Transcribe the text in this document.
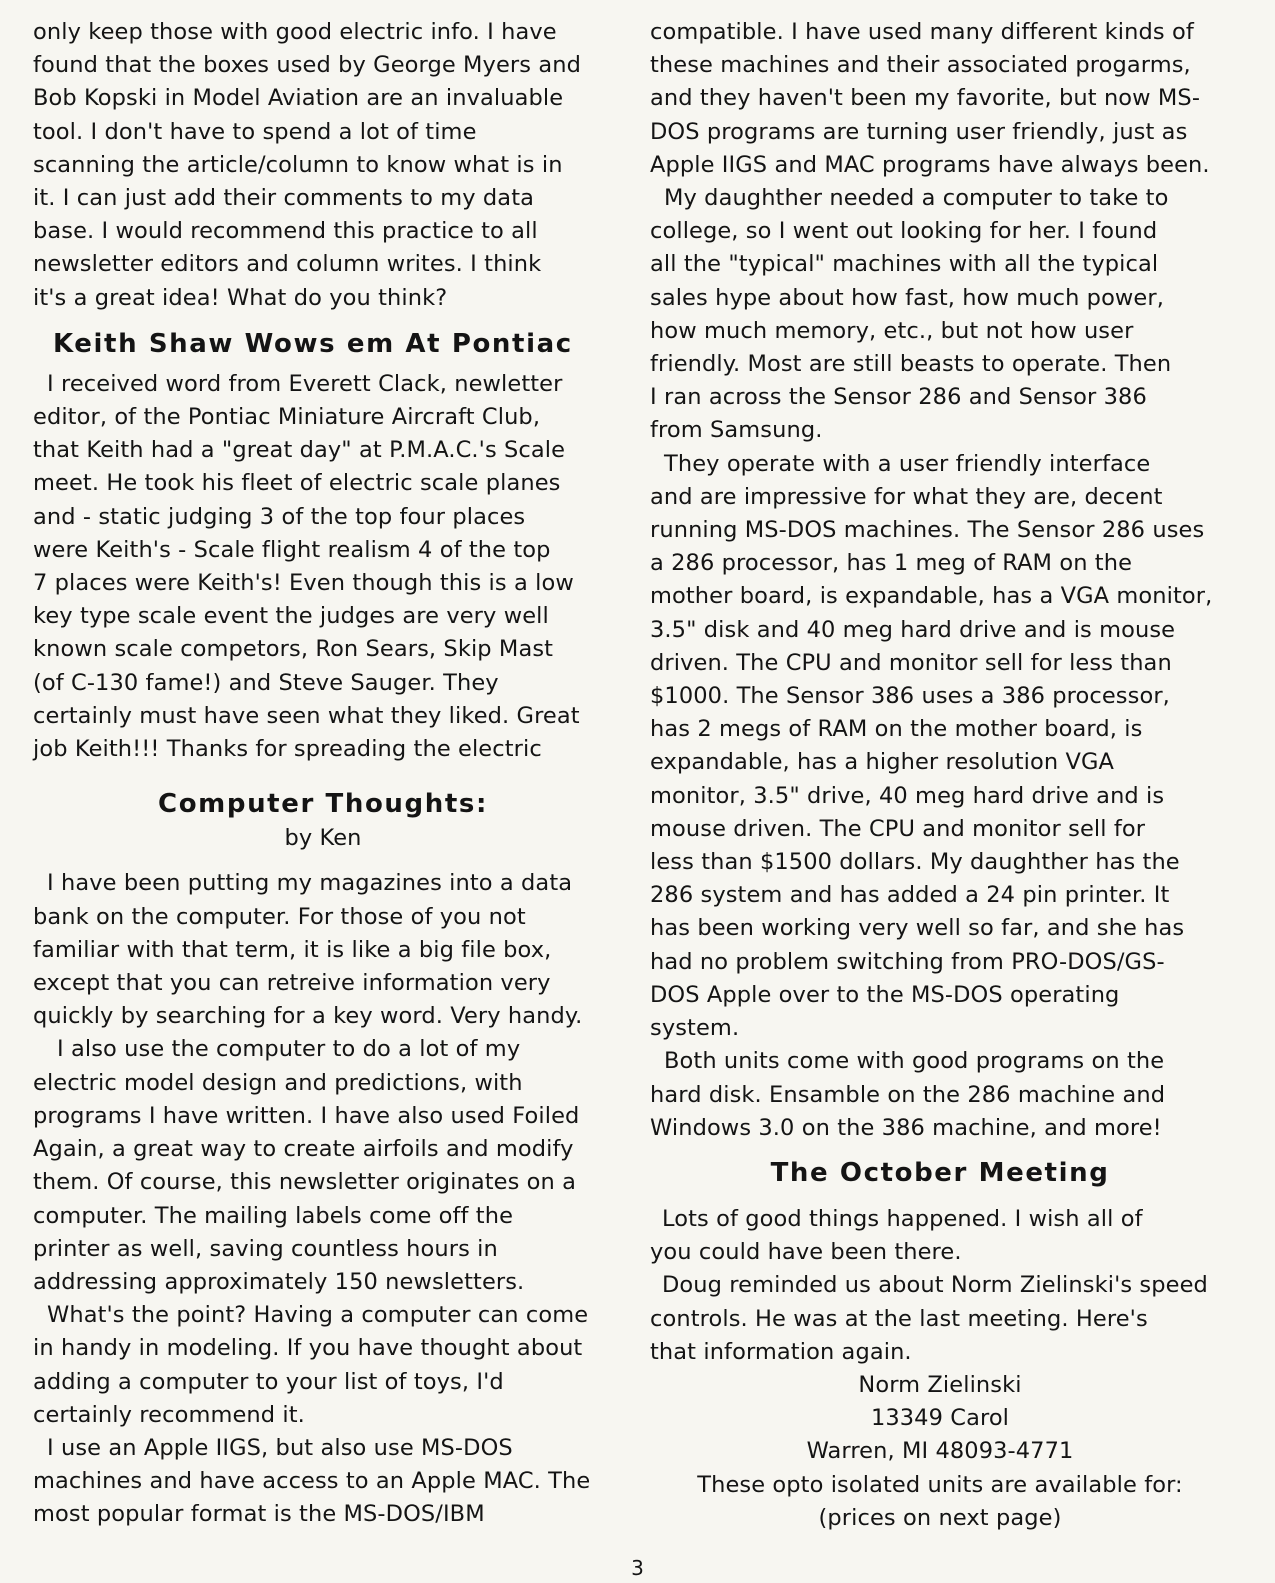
only keep those with good electric info. I have
found that the boxes used by George Myers and
Bob Kopski in Model Aviation are an invaluable
tool. I don't have to spend a lot of time
scanning the article/column to know what is in
it. I can just add their comments to my data
base. I would recommend this practice to all
newsletter editors and column writes. I think
it's a great idea! What do you think?

Keith Shaw Wows em At Pontiac

I received word from Everett Clack, newletter
editor, of the Pontiac Miniature Aircraft Club,
that Keith had a "great day" at P.M.A.C.'s Scale
meet. He took his fleet of electric scale planes
and - static judging 3 of the top four places
were Keith's - Scale flight realism 4 of the top
7 places were Keith's! Even though this is a low
key type scale event the judges are very well
known scale competors, Ron Sears, Skip Mast
(of C-130 fame!) and Steve Sauger. They
certainly must have seen what they liked. Great
job Keith!!! Thanks for spreading the electric

Computer Thoughts:
by Ken

I have been putting my magazines into a data
bank on the computer. For those of you not
familiar with that term, it is like a big file box,
except that you can retreive information very
quickly by searching for a key word. Very handy.

I also use the computer to do a lot of my
electric model design and predictions, with
programs I have written. I have also used Foiled
Again, a great way to create airfoils and modify
them. Of course, this newsletter originates on a
computer. The mailing labels come off the
printer as well, saving countless hours in
addressing approximately 150 newsletters.

What's the point? Having a computer can come
in handy in modeling. If you have thought about
adding a computer to your list of toys, I'd
certainly recommend it.

I use an Apple IIGS, but also use MS-DOS
machines and have access to an Apple MAC. The
most popular format is the MS-DOS/IBM

compatible. I have used many different kinds of
these machines and their associated progarms,
and they haven't been my favorite, but now MS-
DOS programs are turning user friendly, just as
Apple IIGS and MAC programs have always been.

My daughther needed a computer to take to
college, so I went out looking for her. I found
all the "typical" machines with all the typical
sales hype about how fast, how much power,
how much memory, etc., but not how user
friendly. Most are still beasts to operate. Then
I ran across the Sensor 286 and Sensor 386
from Samsung.

They operate with a user friendly interface
and are impressive for what they are, decent
running MS-DOS machines. The Sensor 286 uses
a 286 processor, has 1 meg of RAM on the
mother board, is expandable, has a VGA monitor,
3.5" disk and 40 meg hard drive and is mouse
driven. The CPU and monitor sell for less than
$1000. The Sensor 386 uses a 386 processor,
has 2 megs of RAM on the mother board, is
expandable, has a higher resolution VGA
monitor, 3.5" drive, 40 meg hard drive and is
mouse driven. The CPU and monitor sell for
less than $1500 dollars. My daughther has the
286 system and has added a 24 pin printer. It
has been working very well so far, and she has
had no problem switching from PRO-DOS/GS-
DOS Apple over to the MS-DOS operating
system.

Both units come with good programs on the
hard disk. Ensamble on the 286 machine and
Windows 3.0 on the 386 machine, and more!

The October Meeting

Lots of good things happened. I wish all of
you could have been there.

Doug reminded us about Norm Zielinski's speed
controls. He was at the last meeting. Here's
that information again.

Norm Zielinski
13349 Carol
Warren, MI 48093-4771
These opto isolated units are available for:
(prices on next page)

3
